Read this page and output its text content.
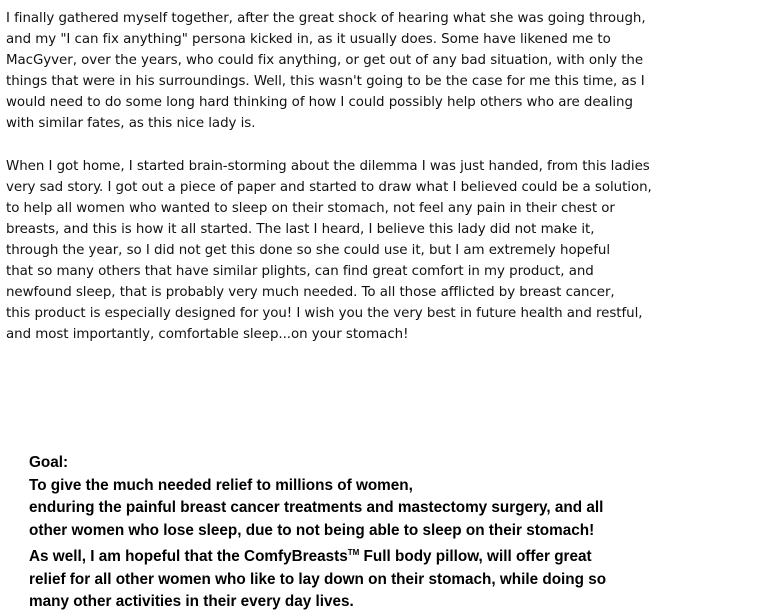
I finally gathered myself together, after the great shock of hearing what she was going through,
and my "I can fix anything" persona kicked in, as it usually does. Some have likened me to
MacGyver, over the years, who could fix anything, or get out of any bad situation, with only the
things that were in his surroundings. Well, this wasn't going to be the case for me this time, as I
would need to do some long hard thinking of how I could possibly help others who are dealing
with similar fates, as this nice lady is.

When I got home, I started brain-storming about the dilemma I was just handed, from this ladies
very sad story. I got out a piece of paper and started to draw what I believed could be a solution,
to help all women who wanted to sleep on their stomach, not feel any pain in their chest or
breasts, and this is how it all started. The last I heard, I believe this lady did not make it,
through the year, so I did not get this done so she could use it, but I am extremely hopeful
that so many others that have similar plights, can find great comfort in my product, and
newfound sleep, that is probably very much needed. To all those afflicted by breast cancer,
this product is especially designed for you! I wish you the very best in future health and restful,
and most importantly, comfortable sleep...on your stomach!

Goal:
To give the much needed relief to millions of women,
enduring the painful breast cancer treatments and mastectomy surgery, and all
other women who lose sleep, due to not being able to sleep on their stomach!
As well, I am hopeful that the ComfyBreasts™ Full body pillow, will offer great
relief for all other women who like to lay down on their stomach, while doing so
many other activities in their every day lives.
